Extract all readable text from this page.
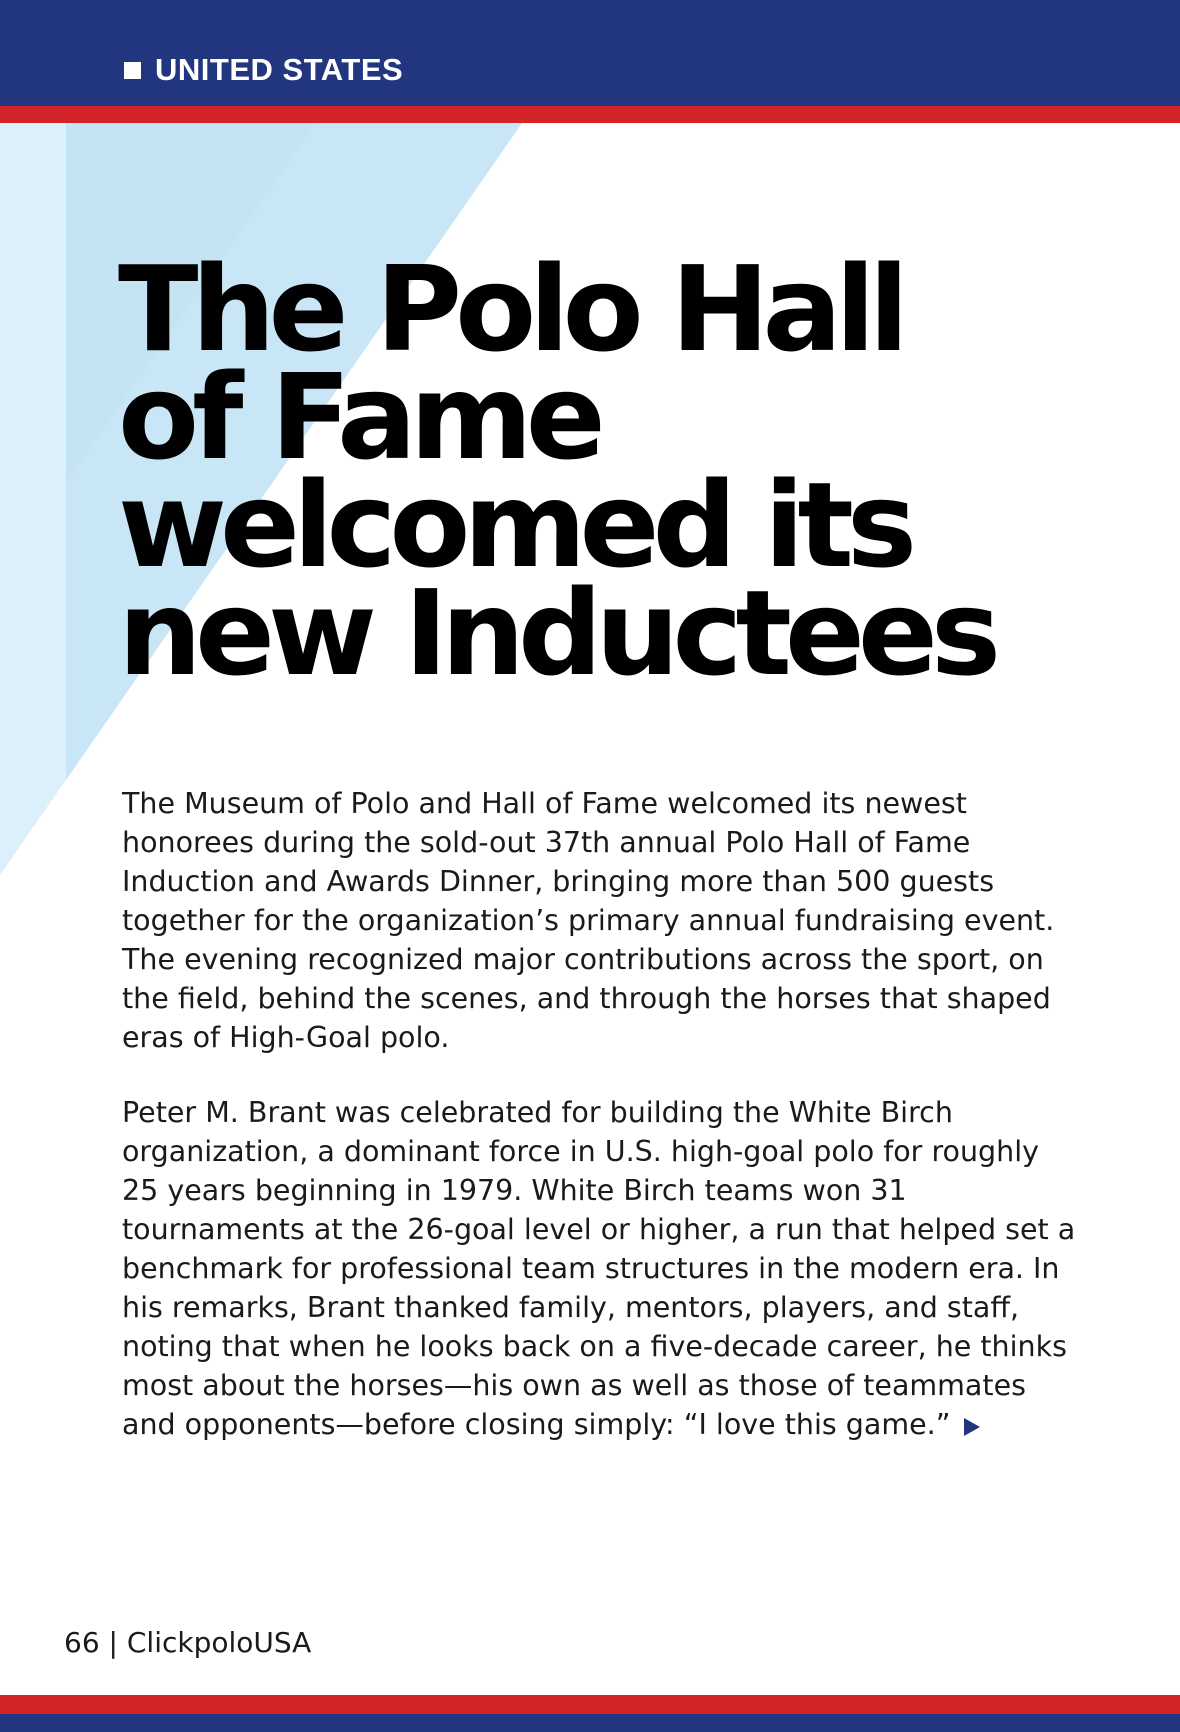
UNITED STATES
The Polo Hall
of Fame
welcomed its
new Inductees

The Museum of Polo and Hall of Fame welcomed its newest honorees during the sold-out 37th annual Polo Hall of Fame Induction and Awards Dinner, bringing more than 500 guests together for the organization’s primary annual fundraising event. The evening recognized major contributions across the sport, on the field, behind the scenes, and through the horses that shaped eras of High-Goal polo.

Peter M. Brant was celebrated for building the White Birch organization, a dominant force in U.S. high-goal polo for roughly 25 years beginning in 1979. White Birch teams won 31 tournaments at the 26-goal level or higher, a run that helped set a benchmark for professional team structures in the modern era. In his remarks, Brant thanked family, mentors, players, and staff, noting that when he looks back on a five-decade career, he thinks most about the horses—his own as well as those of teammates and opponents—before closing simply: “I love this game.”

66 | ClickpoloUSA
